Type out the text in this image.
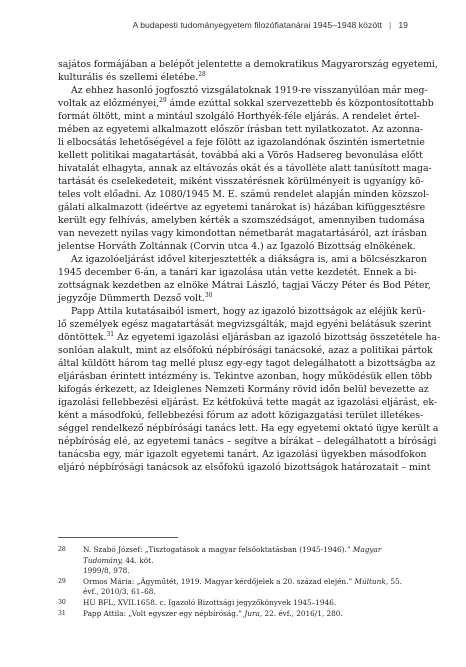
A budapesti tudományegyetem filozófiatanárai 1945–1948 között | 19
sajátos formájában a belépőt jelentette a demokratikus Magyarország egyetemi,
kulturális és szellemi életébe.$^{28}$
Az ehhez hasonló jogfosztó vizsgálatoknak 1919-re visszanyúlóan már meg-
voltak az előzményei,$^{29}$ ámde ezúttal sokkal szervezettebb és központosítottabb
formát öltött, mint a mintául szolgáló Horthyék-féle eljárás. A rendelet értel-
mében az egyetemi alkalmazott először írásban tett nyilatkozatot. Az azonna-
li elbocsátás lehetőségével a feje fölött az igazolandónak őszintén ismertetnie
kellett politikai magatartását, továbbá aki a Vörös Hadsereg bevonulása előtt
hivatalát elhagyta, annak az eltávozás okát és a távollète alatt tanúsított maga-
tartását és cselekedeteit, miként visszatérésnek körülményeit is ugyanígy kö-
teles volt előadni. Az 1080/1945 M. E. számú rendelet alapján minden közszol-
gálati alkalmazott (ideértve az egyetemi tanárokat is) házában kifüggesztésre
került egy felhívás, amelyben kérték a szomszédságot, amennyiben tudomása
van nevezett nyilas vagy kimondottan németbarát magatartásáról, azt írásban
jelentse Horváth Zoltánnak (Corvin utca 4.) az Igazoló Bizottság elnökének.
Az igazolóeljárást idővel kiterjesztették a diákságra is, ami a bölcsészkaron
1945 december 6-án, a tanári kar igazolása után vette kezdetét. Ennek a bi-
zottságnak kezdetben az elnöke Mátrai László, tagjai Váczy Péter és Bod Péter,
jegyzője Dümmerth Dezső volt.$^{30}$
Papp Attila kutatásaiból ismert, hogy az igazoló bizottságok az eléjük kerü-
lő személyek egész magatartását megvizsgálták, majd egyéni belátásuk szerint
döntöttek.$^{31}$ Az egyetemi igazolási eljárásban az igazoló bizottság összetétele ha-
sonlóan alakult, mint az elsőfokú népbírósági tanácsoké, azaz a politikai pártok
által küldött három tag mellé plusz egy-egy tagot delegálhatott a bizottságba az
eljárásban érintett intézmény is. Tekintve azonban, hogy működésük ellen több
kifogás érkezett, az Ideiglenes Nemzeti Kormány rövid időn belül bevezette az
igazolási fellebbezési eljárást. Ez kétfokúvá tette magát az igazolási eljárást, ek-
ként a másodfokú, fellebbezési fórum az adott közigazgatási terület illetékes-
séggel rendelkező népbírósági tanács lett. Ha egy egyetemi oktató ügye került a
népbíróság elé, az egyetemi tanács – segítve a bírákat – delegálhatott a bírósági
tanácsba egy, már igazolt egyetemi tanárt. Az igazolási ügyekben másodfokon
eljáró népbírósági tanácsok az elsőfokú igazoló bizottságok határozatait – mint
28	N. Szabó József: „Tisztogatások a magyar felsőoktatásban (1945-1946).” Magyar Tudomány, 44. köt.
1999/8, 978.
29	Ormos Mária: „Ágyműtét, 1919. Magyar kérdőjelek a 20. század elején.” Múltunk, 55. évf., 2010/3, 61–68.
30	HU BFL, XVII.1658. c. Igazoló Bizottsági jegyzőkönyvek 1945–1946.
31	Papp Attila: „Volt egyszer egy népbíróság.” Jura, 22. évf., 2016/1, 280.
